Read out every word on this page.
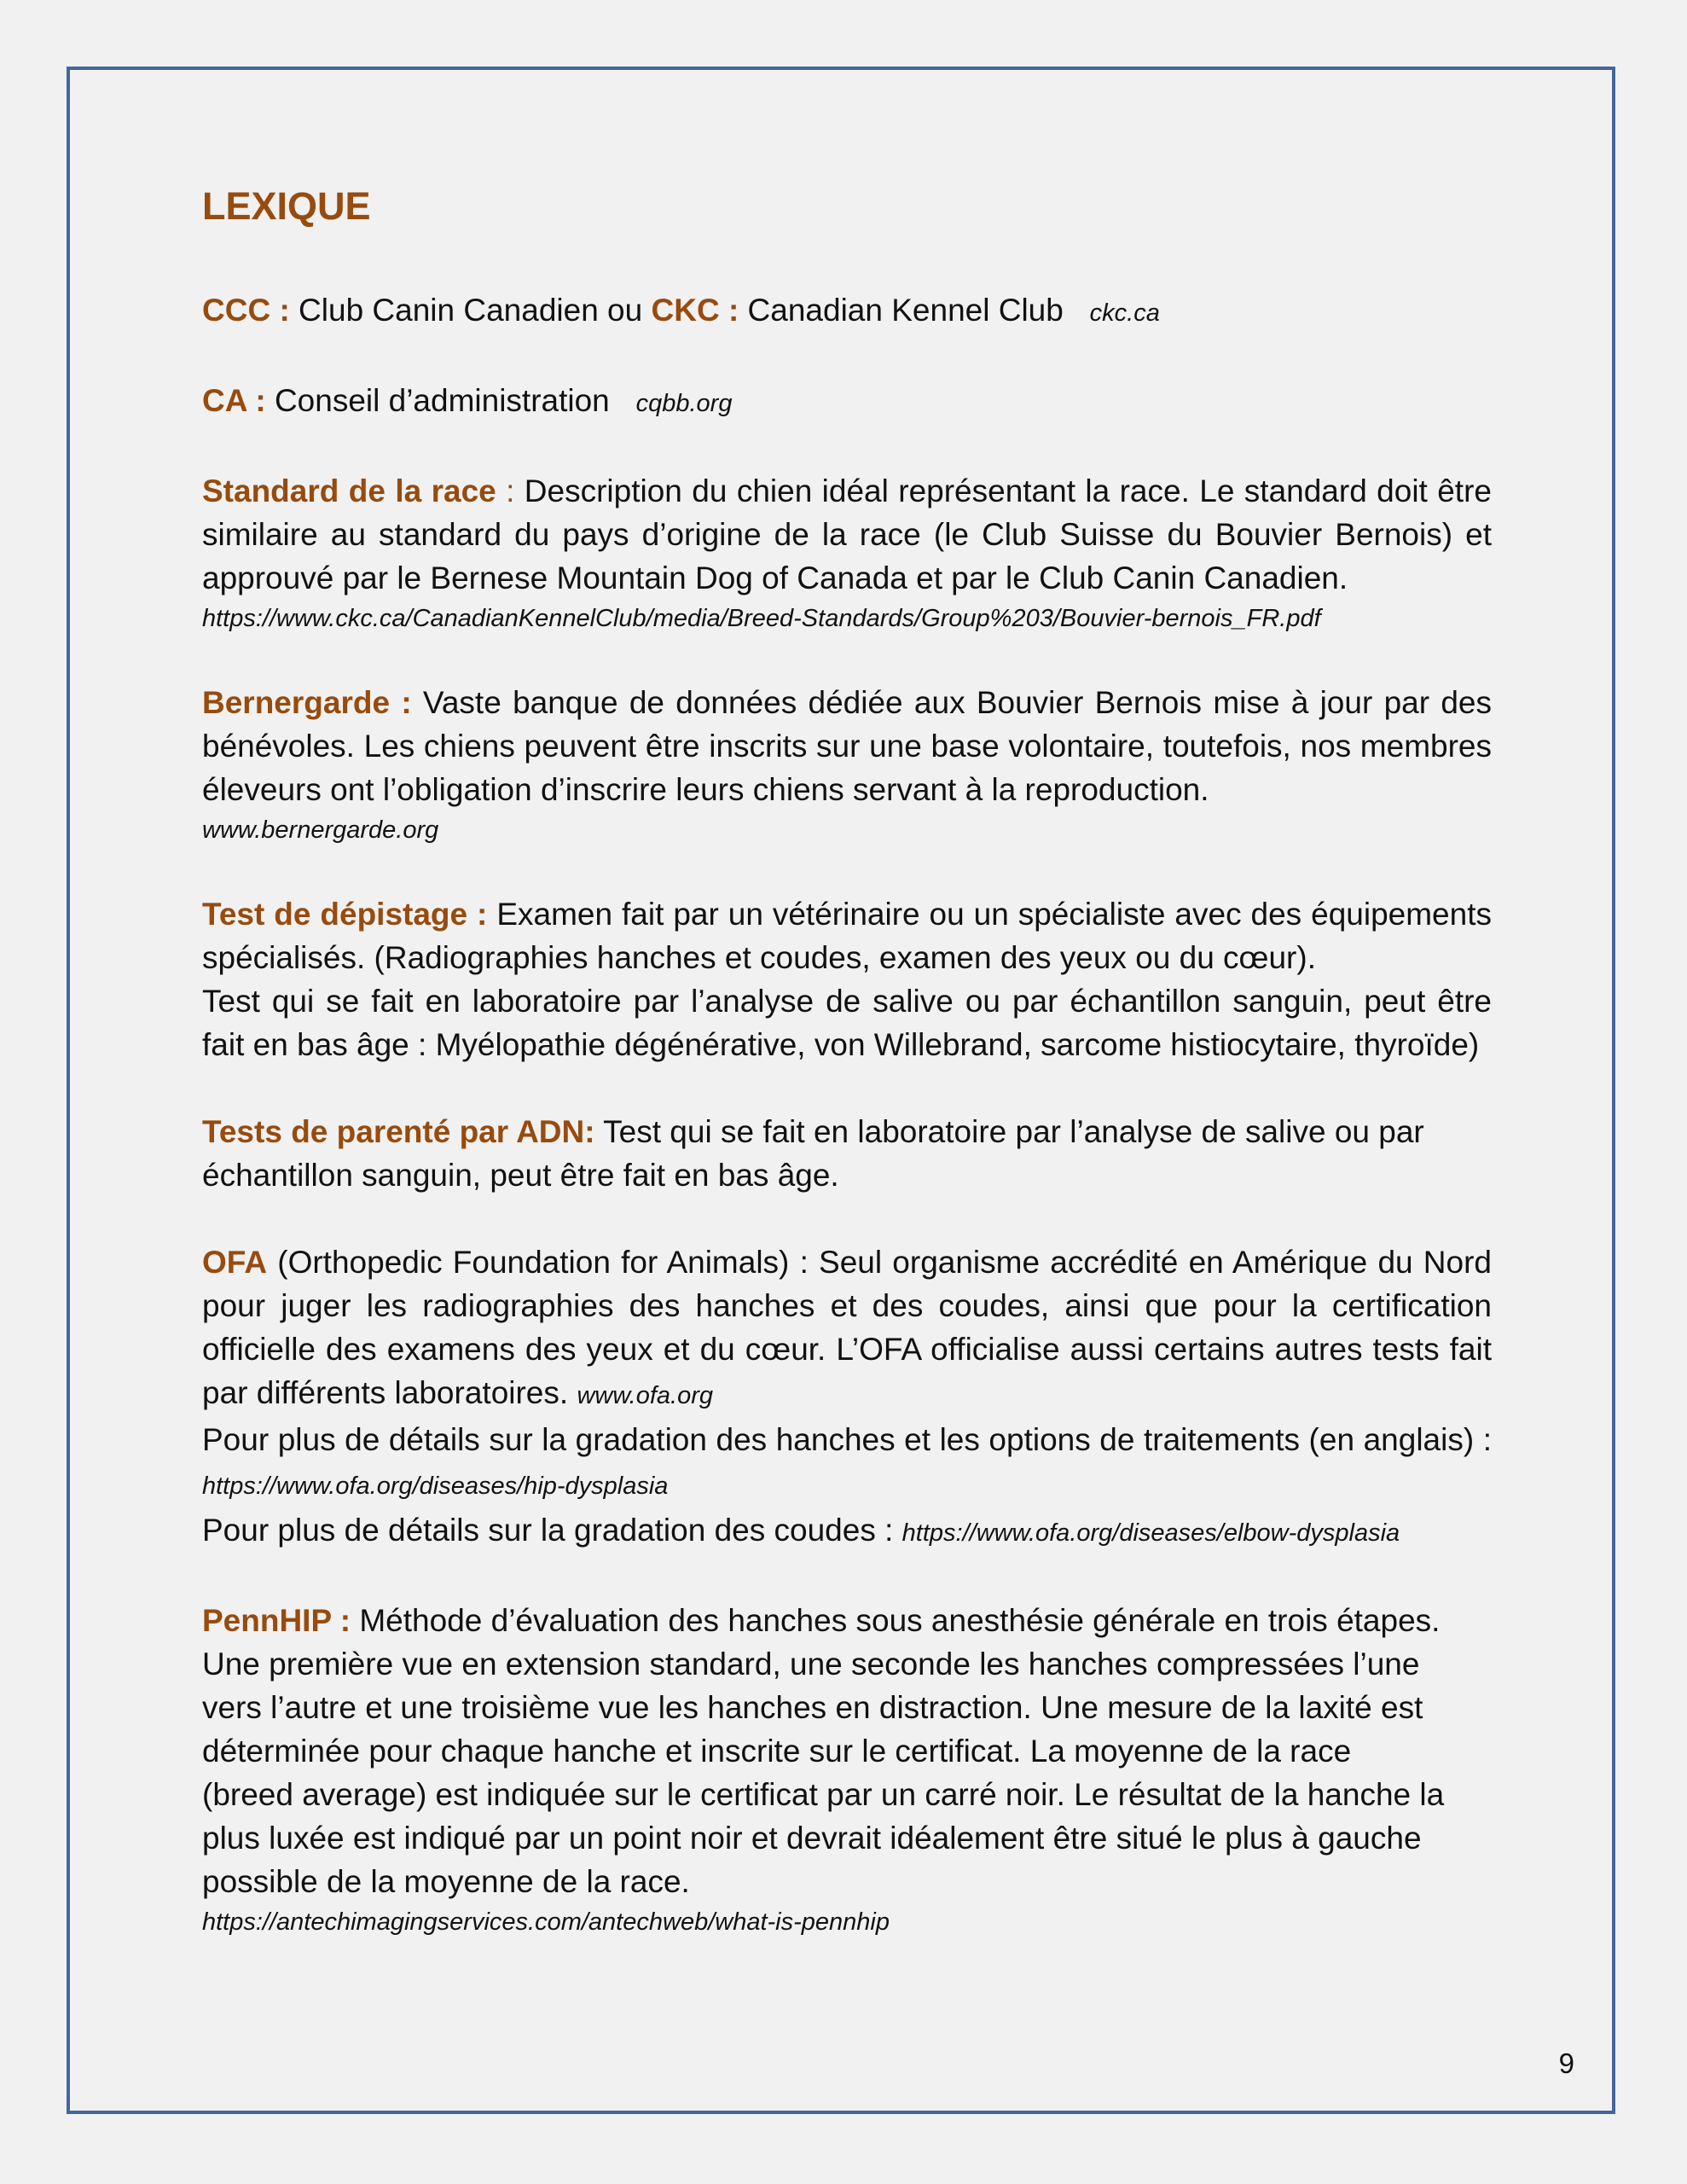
LEXIQUE
CCC : Club Canin Canadien ou CKC : Canadian Kennel Club ckc.ca
CA : Conseil d’administration cqbb.org
Standard de la race : Description du chien idéal représentant la race. Le standard doit être similaire au standard du pays d’origine de la race (le Club Suisse du Bouvier Bernois) et approuvé par le Bernese Mountain Dog of Canada et par le Club Canin Canadien.
https://www.ckc.ca/CanadianKennelClub/media/Breed-Standards/Group%203/Bouvier-bernois_FR.pdf
Bernergarde : Vaste banque de données dédiée aux Bouvier Bernois mise à jour par des bénévoles. Les chiens peuvent être inscrits sur une base volontaire, toutefois, nos membres éleveurs ont l’obligation d’inscrire leurs chiens servant à la reproduction.
www.bernergarde.org
Test de dépistage : Examen fait par un vétérinaire ou un spécialiste avec des équipements spécialisés. (Radiographies hanches et coudes, examen des yeux ou du cœur).
Test qui se fait en laboratoire par l’analyse de salive ou par échantillon sanguin, peut être fait en bas âge : Myélopathie dégénérative, von Willebrand, sarcome histiocytaire, thyroïde)
Tests de parenté par ADN: Test qui se fait en laboratoire par l’analyse de salive ou par échantillon sanguin, peut être fait en bas âge.
OFA (Orthopedic Foundation for Animals) : Seul organisme accrédité en Amérique du Nord pour juger les radiographies des hanches et des coudes, ainsi que pour la certification officielle des examens des yeux et du cœur. L’OFA officialise aussi certains autres tests fait par différents laboratoires. www.ofa.org
Pour plus de détails sur la gradation des hanches et les options de traitements (en anglais) : https://www.ofa.org/diseases/hip-dysplasia
Pour plus de détails sur la gradation des coudes : https://www.ofa.org/diseases/elbow-dysplasia
PennHIP : Méthode d’évaluation des hanches sous anesthésie générale en trois étapes. Une première vue en extension standard, une seconde les hanches compressées l’une vers l’autre et une troisième vue les hanches en distraction. Une mesure de la laxité est déterminée pour chaque hanche et inscrite sur le certificat. La moyenne de la race (breed average) est indiquée sur le certificat par un carré noir. Le résultat de la hanche la plus luxée est indiqué par un point noir et devrait idéalement être situé le plus à gauche possible de la moyenne de la race.
https://antechimagingservices.com/antechweb/what-is-pennhip
9
